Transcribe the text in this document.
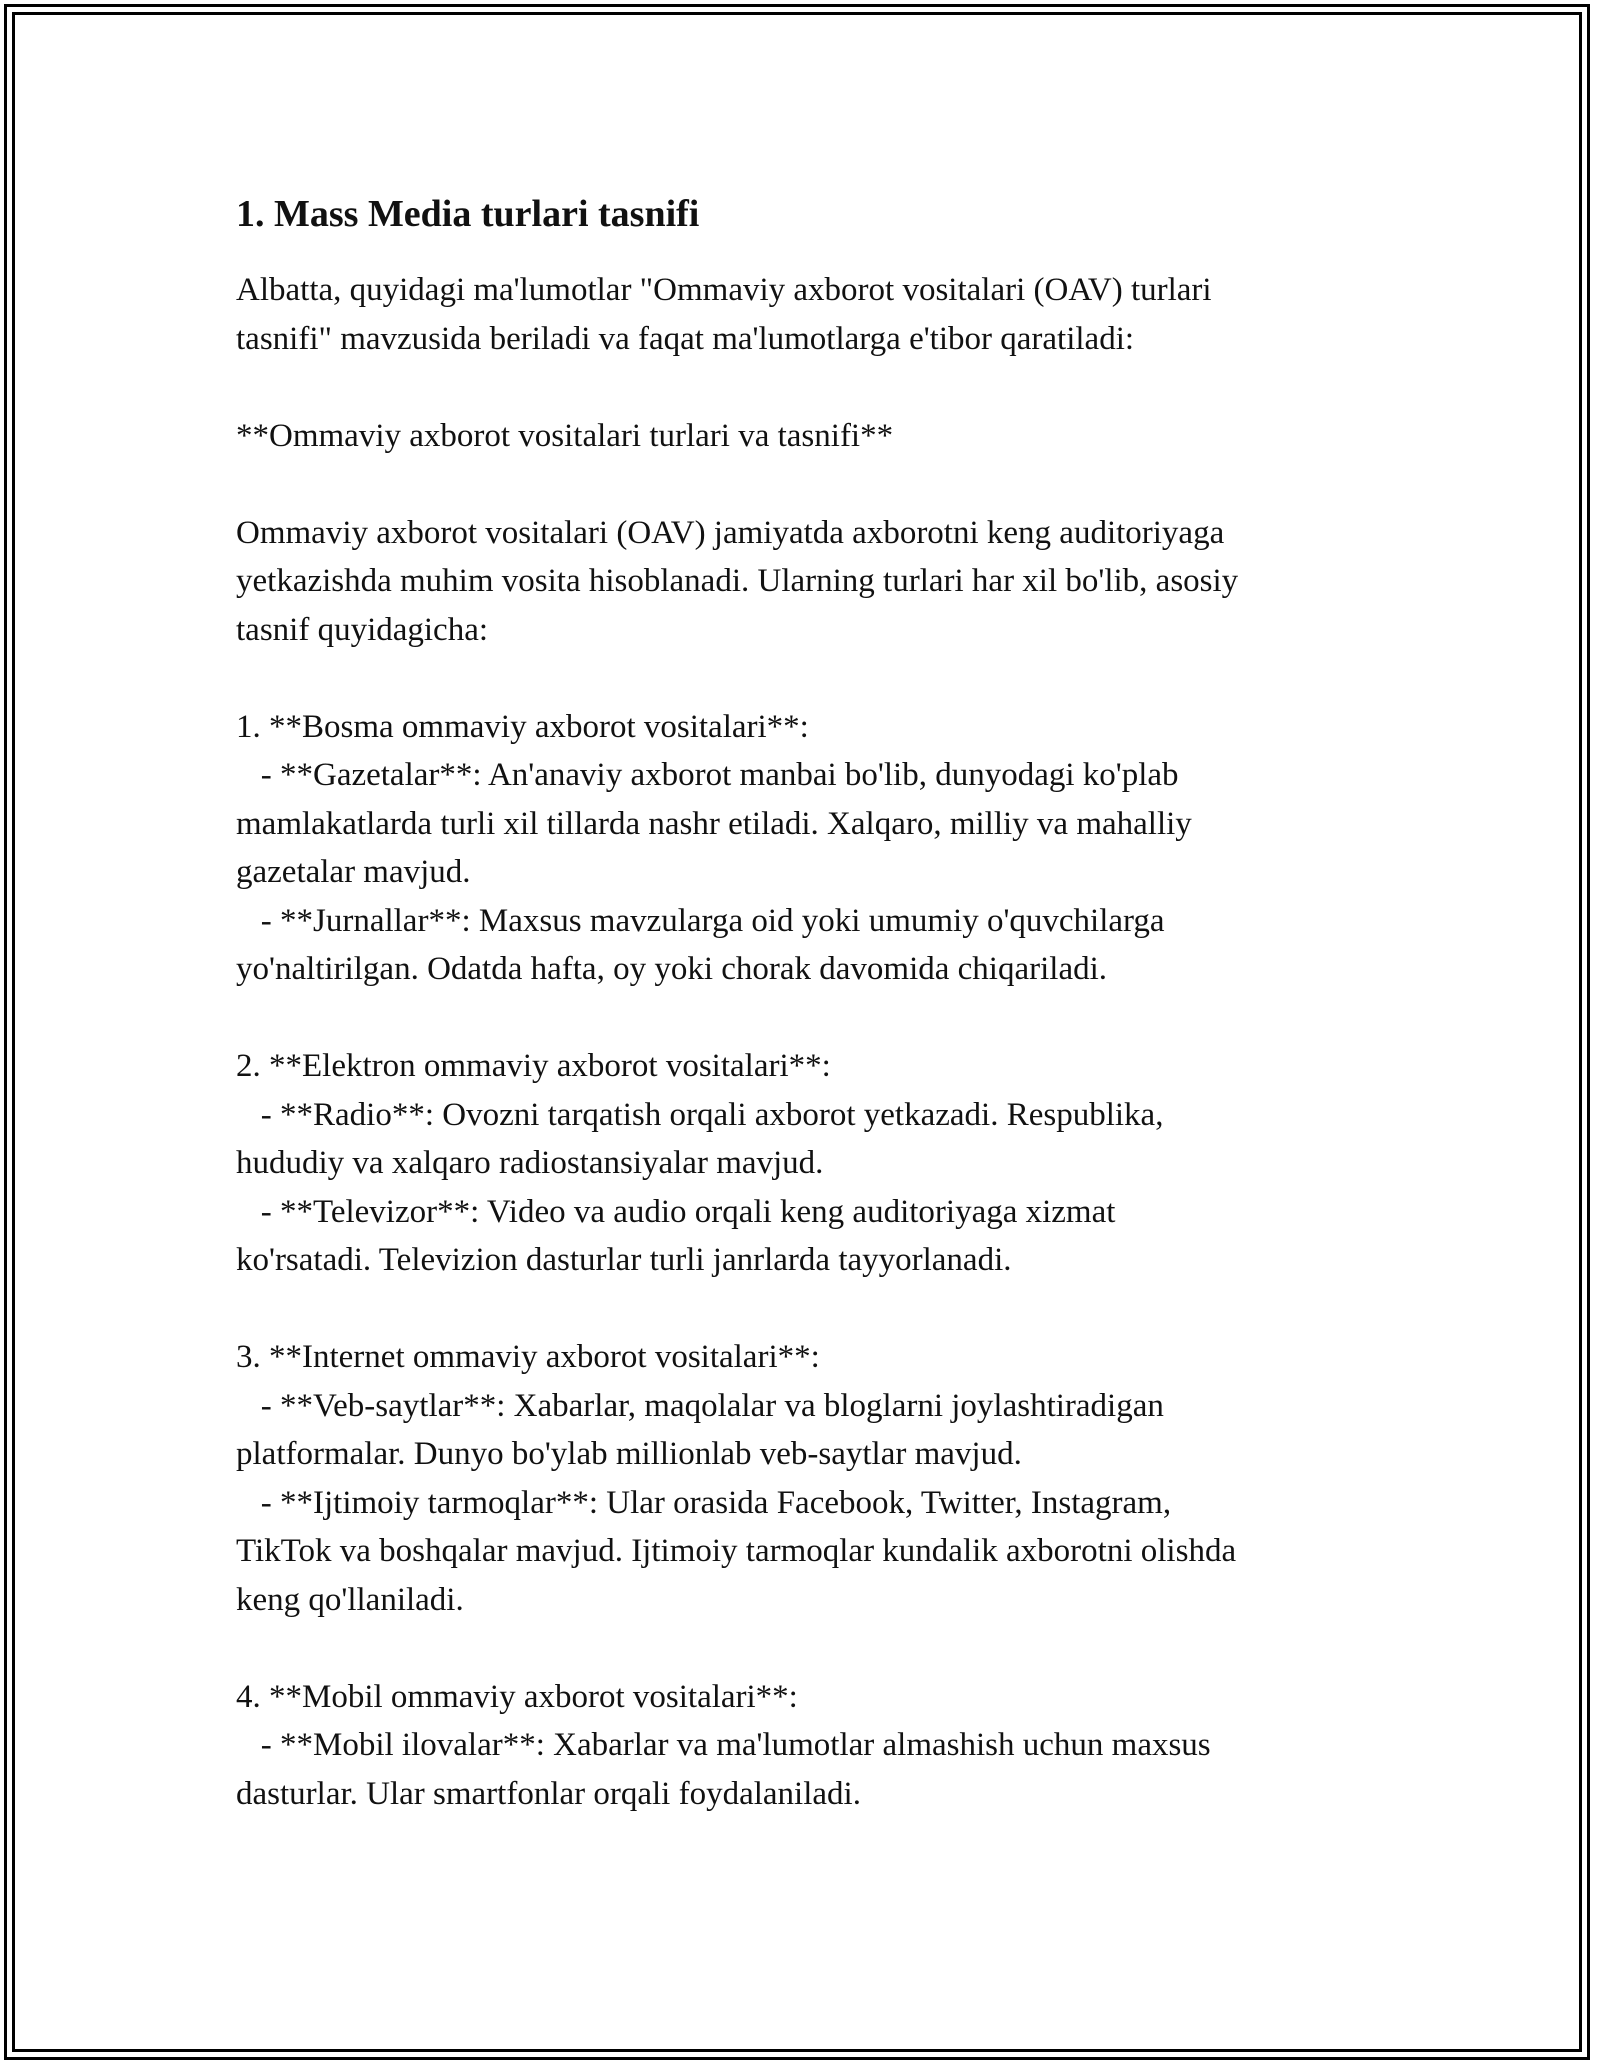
1. Mass Media turlari tasnifi

Albatta, quyidagi ma'lumotlar "Ommaviy axborot vositalari (OAV) turlari
tasnifi" mavzusida beriladi va faqat ma'lumotlarga e'tibor qaratiladi:

**Ommaviy axborot vositalari turlari va tasnifi**

Ommaviy axborot vositalari (OAV) jamiyatda axborotni keng auditoriyaga
yetkazishda muhim vosita hisoblanadi. Ularning turlari har xil bo'lib, asosiy
tasnif quyidagicha:

1. **Bosma ommaviy axborot vositalari**:
- **Gazetalar**: An'anaviy axborot manbai bo'lib, dunyodagi ko'plab
mamlakatlarda turli xil tillarda nashr etiladi. Xalqaro, milliy va mahalliy
gazetalar mavjud.
- **Jurnallar**: Maxsus mavzularga oid yoki umumiy o'quvchilarga
yo'naltirilgan. Odatda hafta, oy yoki chorak davomida chiqariladi.

2. **Elektron ommaviy axborot vositalari**:
- **Radio**: Ovozni tarqatish orqali axborot yetkazadi. Respublika,
hududiy va xalqaro radiostansiyalar mavjud.
- **Televizor**: Video va audio orqali keng auditoriyaga xizmat
ko'rsatadi. Televizion dasturlar turli janrlarda tayyorlanadi.

3. **Internet ommaviy axborot vositalari**:
- **Veb-saytlar**: Xabarlar, maqolalar va bloglarni joylashtiradigan
platformalar. Dunyo bo'ylab millionlab veb-saytlar mavjud.
- **Ijtimoiy tarmoqlar**: Ular orasida Facebook, Twitter, Instagram,
TikTok va boshqalar mavjud. Ijtimoiy tarmoqlar kundalik axborotni olishda
keng qo'llaniladi.

4. **Mobil ommaviy axborot vositalari**:
- **Mobil ilovalar**: Xabarlar va ma'lumotlar almashish uchun maxsus
dasturlar. Ular smartfonlar orqali foydalaniladi.
